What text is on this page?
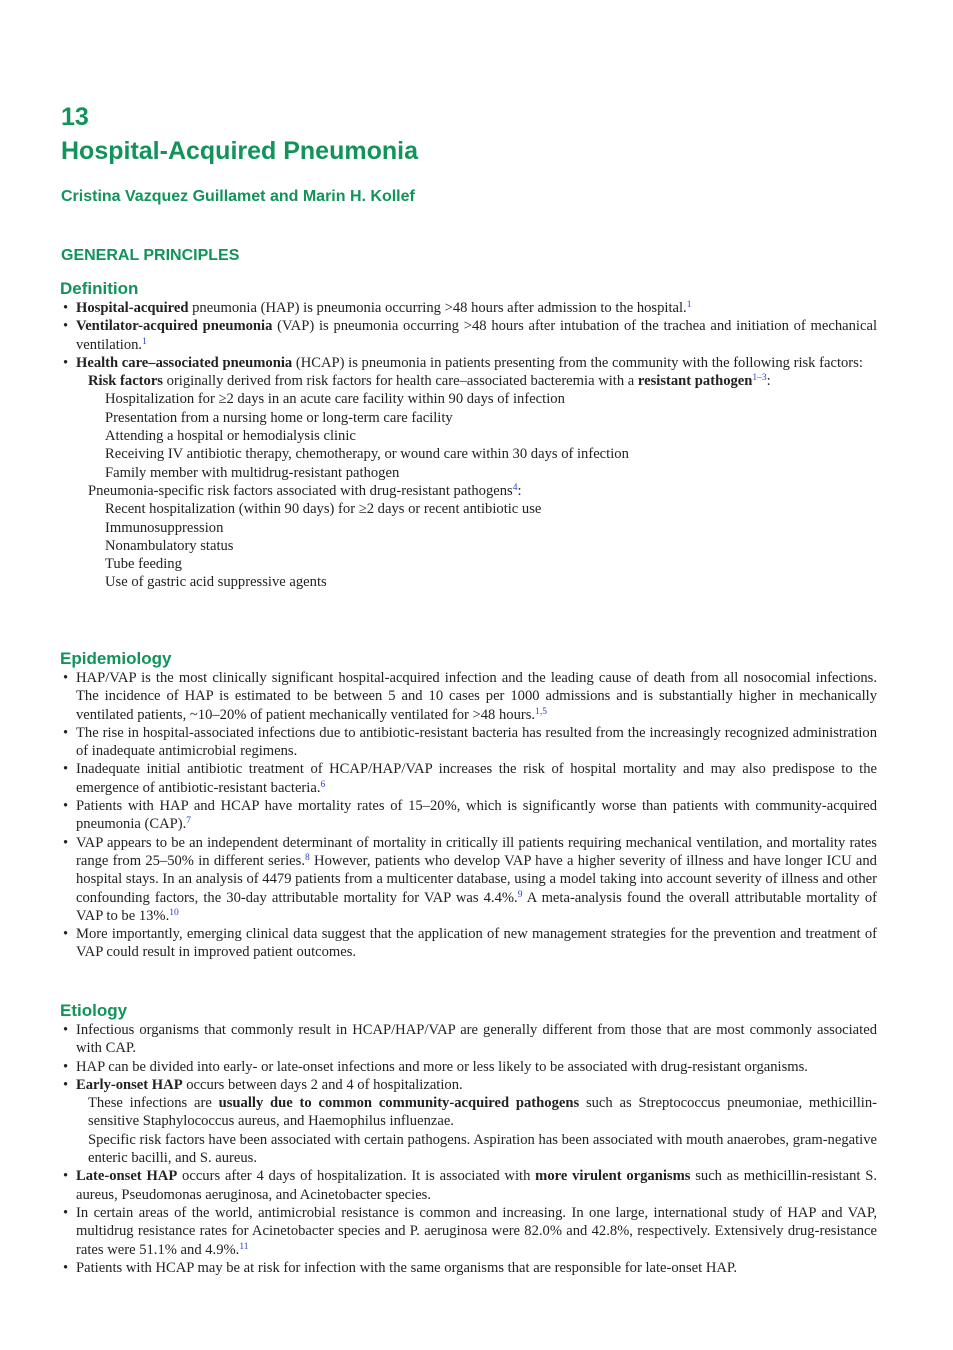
13
Hospital-Acquired Pneumonia
Cristina Vazquez Guillamet and Marin H. Kollef
GENERAL PRINCIPLES
Definition

• Hospital-acquired pneumonia (HAP) is pneumonia occurring >48 hours after admission to the hospital.$^1$

• Ventilator-acquired pneumonia (VAP) is pneumonia occurring >48 hours after intubation of the trachea and initiation of mechanical ventilation.$^1$

• Health care–associated pneumonia (HCAP) is pneumonia in patients presenting from the community with the following risk factors:

Risk factors originally derived from risk factors for health care–associated bacteremia with a resistant pathogen$^{1-3}$:

Hospitalization for ≥2 days in an acute care facility within 90 days of infection

Presentation from a nursing home or long-term care facility

Attending a hospital or hemodialysis clinic

Receiving IV antibiotic therapy, chemotherapy, or wound care within 30 days of infection

Family member with multidrug-resistant pathogen

Pneumonia-specific risk factors associated with drug-resistant pathogens$^4$:

Recent hospitalization (within 90 days) for ≥2 days or recent antibiotic use

Immunosuppression

Nonambulatory status

Tube feeding

Use of gastric acid suppressive agents

Epidemiology

• HAP/VAP is the most clinically significant hospital-acquired infection and the leading cause of death from all nosocomial infections. The incidence of HAP is estimated to be between 5 and 10 cases per 1000 admissions and is substantially higher in mechanically ventilated patients, ~10–20% of patient mechanically ventilated for >48 hours.$^{1,5}$

• The rise in hospital-associated infections due to antibiotic-resistant bacteria has resulted from the increasingly recognized administration of inadequate antimicrobial regimens.

• Inadequate initial antibiotic treatment of HCAP/HAP/VAP increases the risk of hospital mortality and may also predispose to the emergence of antibiotic-resistant bacteria.$^6$

• Patients with HAP and HCAP have mortality rates of 15–20%, which is significantly worse than patients with community-acquired pneumonia (CAP).$^7$

• VAP appears to be an independent determinant of mortality in critically ill patients requiring mechanical ventilation, and mortality rates range from 25–50% in different series.$^8$ However, patients who develop VAP have a higher severity of illness and have longer ICU and hospital stays. In an analysis of 4479 patients from a multicenter database, using a model taking into account severity of illness and other confounding factors, the 30-day attributable mortality for VAP was 4.4%.$^9$ A meta-analysis found the overall attributable mortality of VAP to be 13%.$^{10}$

• More importantly, emerging clinical data suggest that the application of new management strategies for the prevention and treatment of VAP could result in improved patient outcomes.

Etiology

• Infectious organisms that commonly result in HCAP/HAP/VAP are generally different from those that are most commonly associated with CAP.

• HAP can be divided into early- or late-onset infections and more or less likely to be associated with drug-resistant organisms.

• Early-onset HAP occurs between days 2 and 4 of hospitalization.

These infections are usually due to common community-acquired pathogens such as Streptococcus pneumoniae, methicillin-sensitive Staphylococcus aureus, and Haemophilus influenzae.

Specific risk factors have been associated with certain pathogens. Aspiration has been associated with mouth anaerobes, gram-negative enteric bacilli, and S. aureus.

• Late-onset HAP occurs after 4 days of hospitalization. It is associated with more virulent organisms such as methicillin-resistant S. aureus, Pseudomonas aeruginosa, and Acinetobacter species.

• In certain areas of the world, antimicrobial resistance is common and increasing. In one large, international study of HAP and VAP, multidrug resistance rates for Acinetobacter species and P. aeruginosa were 82.0% and 42.8%, respectively. Extensively drug-resistance rates were 51.1% and 4.9%.$^{11}$

• Patients with HCAP may be at risk for infection with the same organisms that are responsible for late-onset HAP.
